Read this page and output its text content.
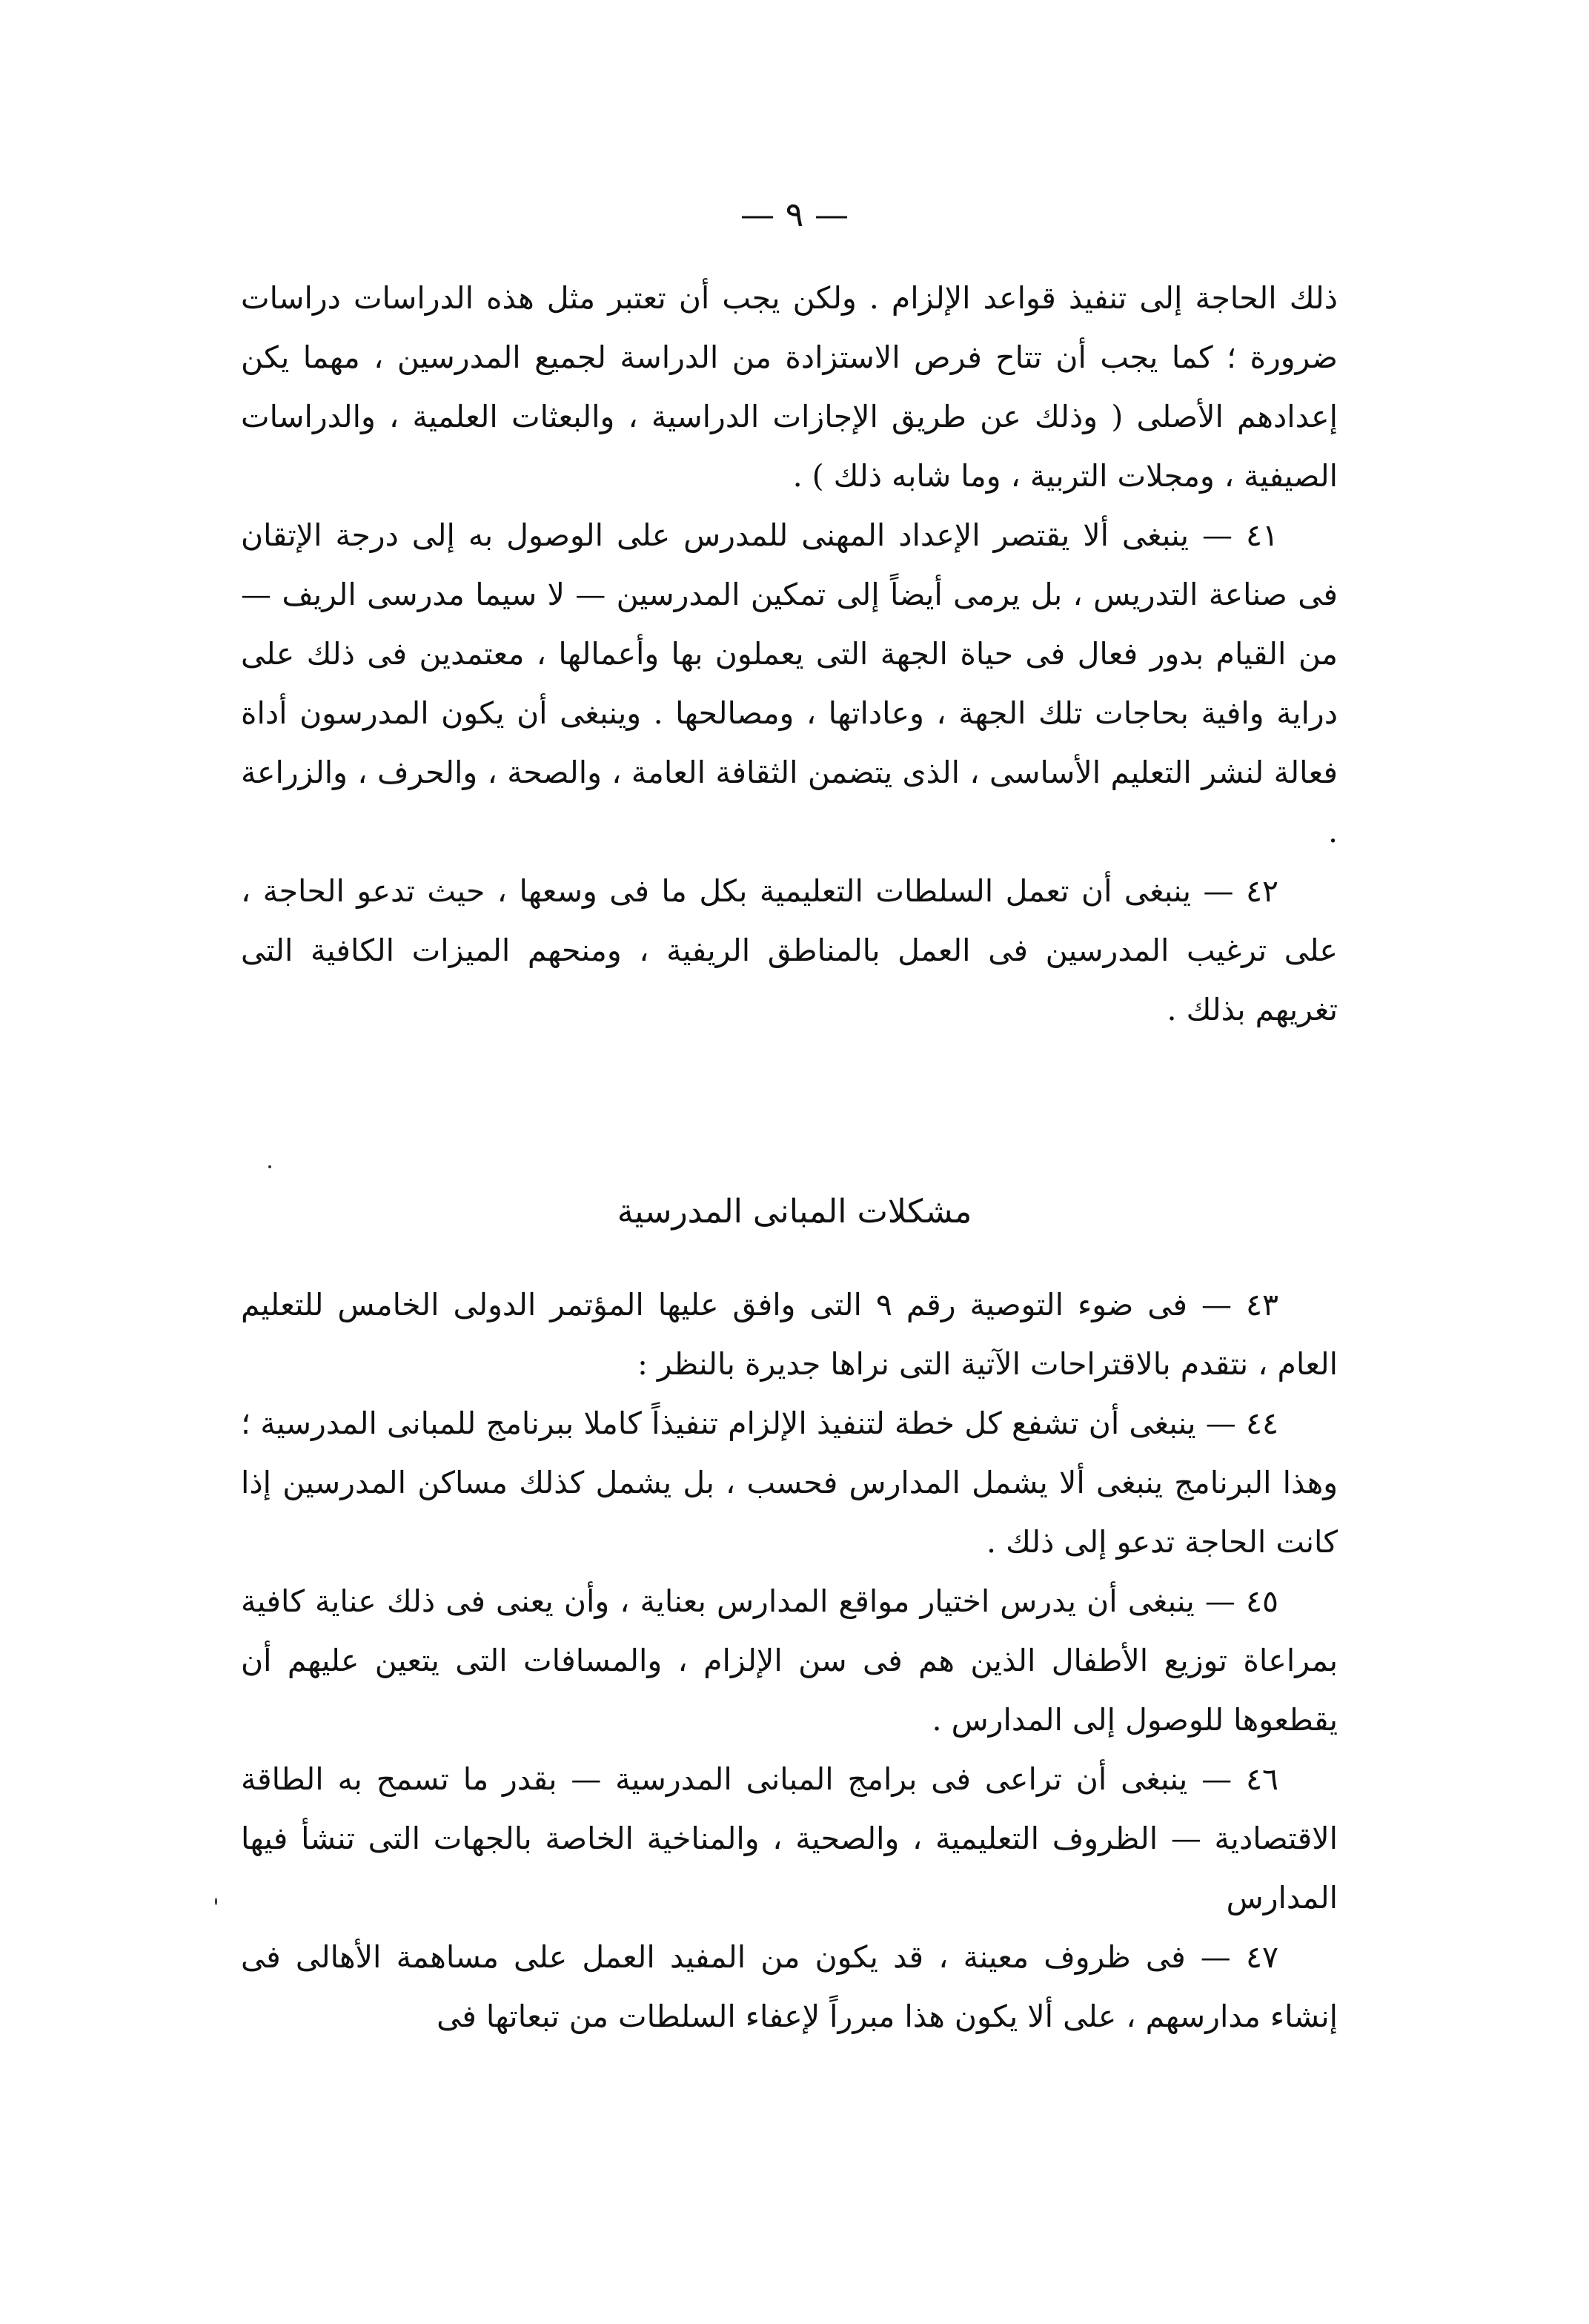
— ٩ —

ذلك الحاجة إلى تنفيذ قواعد الإلزام . ولكن يجب أن تعتبر مثل هذه الدراسات دراسات ضرورة ؛ كما يجب أن تتاح فرص الاستزادة من الدراسة لجميع المدرسين ، مهما يكن إعدادهم الأصلى ( وذلك عن طريق الإجازات الدراسية ، والبعثات العلمية ، والدراسات الصيفية ، ومجلات التربية ، وما شابه ذلك ) .

٤١ — ينبغى ألا يقتصر الإعداد المهنى للمدرس على الوصول به إلى درجة الإتقان فى صناعة التدريس ، بل يرمى أيضاً إلى تمكين المدرسين — لا سيما مدرسى الريف — من القيام بدور فعال فى حياة الجهة التى يعملون بها وأعمالها ، معتمدين فى ذلك على دراية وافية بحاجات تلك الجهة ، وعاداتها ، ومصالحها . وينبغى أن يكون المدرسون أداة فعالة لنشر التعليم الأساسى ، الذى يتضمن الثقافة العامة ، والصحة ، والحرف ، والزراعة .

٤٢ — ينبغى أن تعمل السلطات التعليمية بكل ما فى وسعها ، حيث تدعو الحاجة ، على ترغيب المدرسين فى العمل بالمناطق الريفية ، ومنحهم الميزات الكافية التى تغريهم بذلك .

مشكلات المبانى المدرسية

٤٣ — فى ضوء التوصية رقم ٩ التى وافق عليها المؤتمر الدولى الخامس للتعليم العام ، نتقدم بالاقتراحات الآتية التى نراها جديرة بالنظر :

٤٤ — ينبغى أن تشفع كل خطة لتنفيذ الإلزام تنفيذاً كاملا ببرنامج للمبانى المدرسية ؛ وهذا البرنامج ينبغى ألا يشمل المدارس فحسب ، بل يشمل كذلك مساكن المدرسين إذا كانت الحاجة تدعو إلى ذلك .

٤٥ — ينبغى أن يدرس اختيار مواقع المدارس بعناية ، وأن يعنى فى ذلك عناية كافية بمراعاة توزيع الأطفال الذين هم فى سن الإلزام ، والمسافات التى يتعين عليهم أن يقطعوها للوصول إلى المدارس .

٤٦ — ينبغى أن تراعى فى برامج المبانى المدرسية — بقدر ما تسمح به الطاقة الاقتصادية — الظروف التعليمية ، والصحية ، والمناخية الخاصة بالجهات التى تنشأ فيها المدارس

٤٧ — فى ظروف معينة ، قد يكون من المفيد العمل على مساهمة الأهالى فى إنشاء مدارسهم ، على ألا يكون هذا مبرراً لإعفاء السلطات من تبعاتها فى
